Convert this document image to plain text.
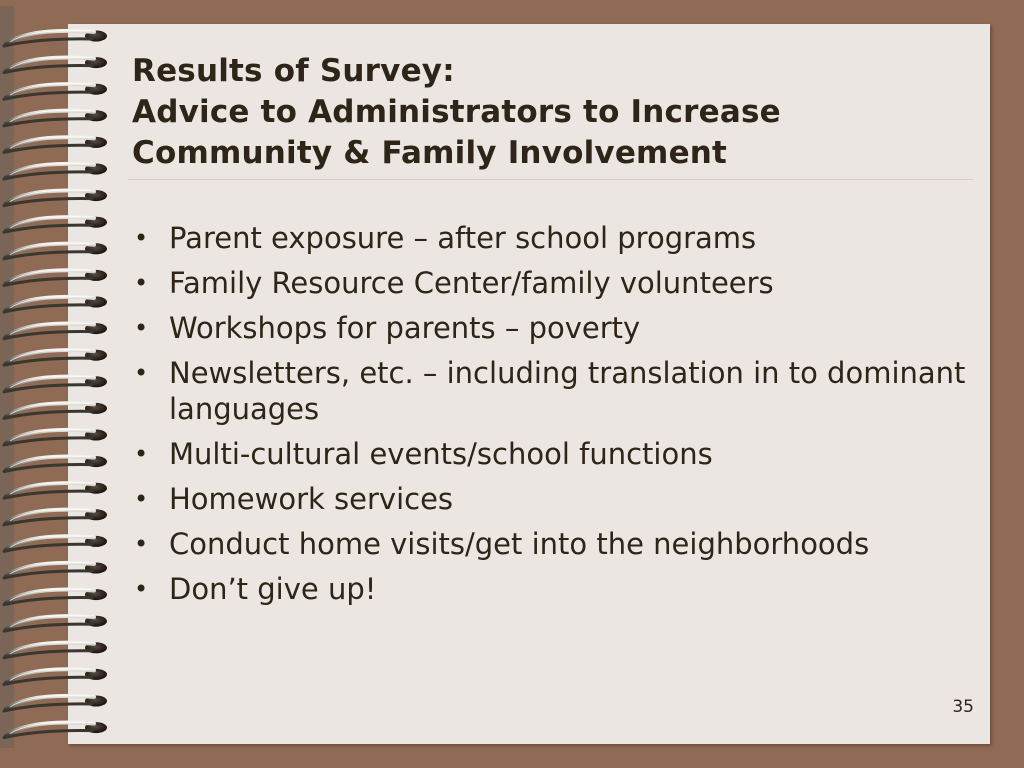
Results of Survey:
Advice to Administrators to Increase
Community & Family Involvement
• Parent exposure – after school programs
• Family Resource Center/family volunteers
• Workshops for parents – poverty
• Newsletters, etc. – including translation in to dominant languages
• Multi-cultural events/school functions
• Homework services
• Conduct home visits/get into the neighborhoods
• Don’t give up!
35
